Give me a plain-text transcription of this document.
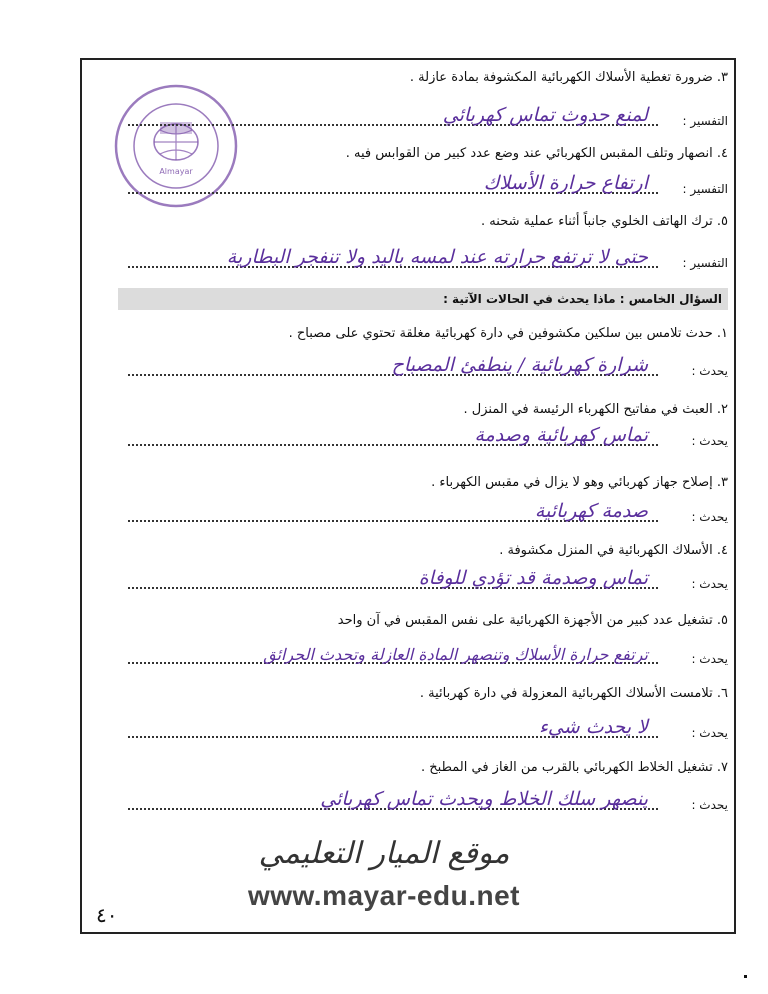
Almayar
٣. ضرورة تغطية الأسلاك الكهربائية المكشوفة بمادة عازلة .
التفسير :
لمنع حدوث تماس كهربائي
٤. انصهار وتلف المقبس الكهربائي عند وضع عدد كبير من القوابس فيه .
التفسير :
ارتفاع حرارة الأسلاك
٥. ترك الهاتف الخلوي جانباً أثناء عملية شحنه .
التفسير :
حتى لا ترتفع حرارته عند لمسه باليد ولا تنفجر البطارية
السؤال الخامس : ماذا يحدث في الحالات الآتية :
١. حدث تلامس بين سلكين مكشوفين في دارة كهربائية مغلقة تحتوي على مصباح .
يحدث :
شرارة كهربائية / ينطفئ المصباح
٢. العبث في مفاتيح الكهرباء الرئيسة في المنزل .
يحدث :
تماس كهربائية وصدمة
٣. إصلاح جهاز كهربائي وهو لا يزال في مقبس الكهرباء .
يحدث :
صدمة كهربائية
٤. الأسلاك الكهربائية في المنزل مكشوفة .
يحدث :
تماس وصدمة قد تؤدي للوفاة
٥. تشغيل عدد كبير من الأجهزة الكهربائية على نفس المقبس في آن واحد
يحدث :
ترتفع حرارة الأسلاك وتنصهر المادة العازلة وتحدث الحرائق
٦. تلامست الأسلاك الكهربائية المعزولة في دارة كهربائية .
يحدث :
لا يحدث شيء
٧. تشغيل الخلاط الكهربائي بالقرب من الغاز في المطبخ .
يحدث :
ينصهر سلك الخلاط ويحدث تماس كهربائي
موقع الميار التعليمي
www.mayar-edu.net
٤٠
